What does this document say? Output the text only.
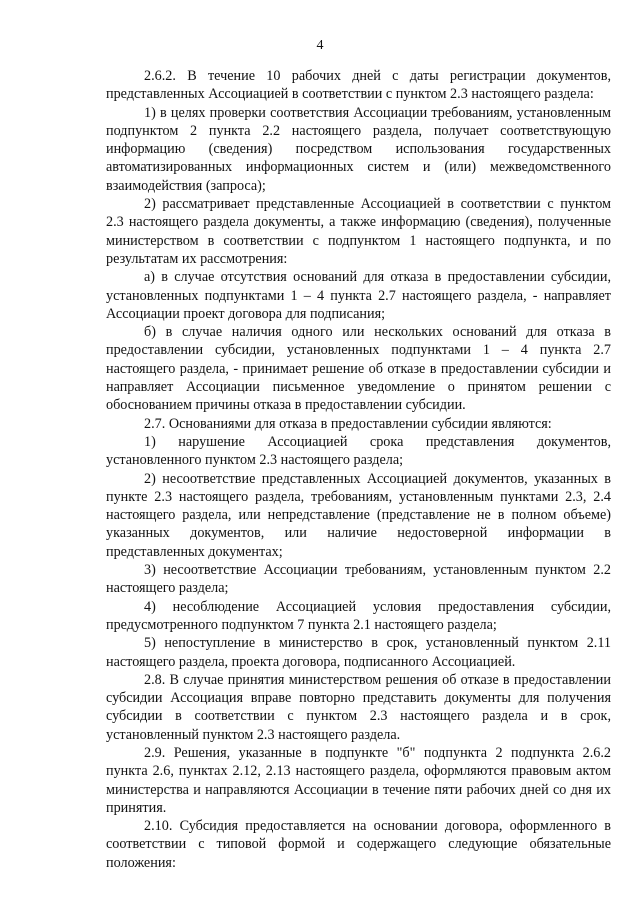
4

2.6.2. В течение 10 рабочих дней с даты регистрации документов, представленных Ассоциацией в соответствии с пунктом 2.3 настоящего раздела:

1) в целях проверки соответствия Ассоциации требованиям, установленным подпунктом 2 пункта 2.2 настоящего раздела, получает соответствующую информацию (сведения) посредством использования государственных автоматизированных информационных систем и (или) межведомственного взаимодействия (запроса);

2) рассматривает представленные Ассоциацией в соответствии с пунктом 2.3 настоящего раздела документы, а также информацию (сведения), полученные министерством в соответствии с подпунктом 1 настоящего подпункта, и по результатам их рассмотрения:

а) в случае отсутствия оснований для отказа в предоставлении субсидии, установленных подпунктами 1 – 4 пункта 2.7 настоящего раздела, - направляет Ассоциации проект договора для подписания;

б) в случае наличия одного или нескольких оснований для отказа в предоставлении субсидии, установленных подпунктами 1 – 4 пункта 2.7 настоящего раздела, - принимает решение об отказе в предоставлении субсидии и направляет Ассоциации письменное уведомление о принятом решении с обоснованием причины отказа в предоставлении субсидии.

2.7. Основаниями для отказа в предоставлении субсидии являются:

1) нарушение Ассоциацией срока представления документов, установленного пунктом 2.3 настоящего раздела;

2) несоответствие представленных Ассоциацией документов, указанных в пункте 2.3 настоящего раздела, требованиям, установленным пунктами 2.3, 2.4 настоящего раздела, или непредставление (представление не в полном объеме) указанных документов, или наличие недостоверной информации в представленных документах;

3) несоответствие Ассоциации требованиям, установленным пунктом 2.2 настоящего раздела;

4) несоблюдение Ассоциацией условия предоставления субсидии, предусмотренного подпунктом 7 пункта 2.1 настоящего раздела;

5) непоступление в министерство в срок, установленный пунктом 2.11 настоящего раздела, проекта договора, подписанного Ассоциацией.

2.8. В случае принятия министерством решения об отказе в предоставлении субсидии Ассоциация вправе повторно представить документы для получения субсидии в соответствии с пунктом 2.3 настоящего раздела и в срок, установленный пунктом 2.3 настоящего раздела.

2.9. Решения, указанные в подпункте "б" подпункта 2 подпункта 2.6.2 пункта 2.6, пунктах 2.12, 2.13 настоящего раздела, оформляются правовым актом министерства и направляются Ассоциации в течение пяти рабочих дней со дня их принятия.

2.10. Субсидия предоставляется на основании договора, оформленного в соответствии с типовой формой и содержащего следующие обязательные положения:
